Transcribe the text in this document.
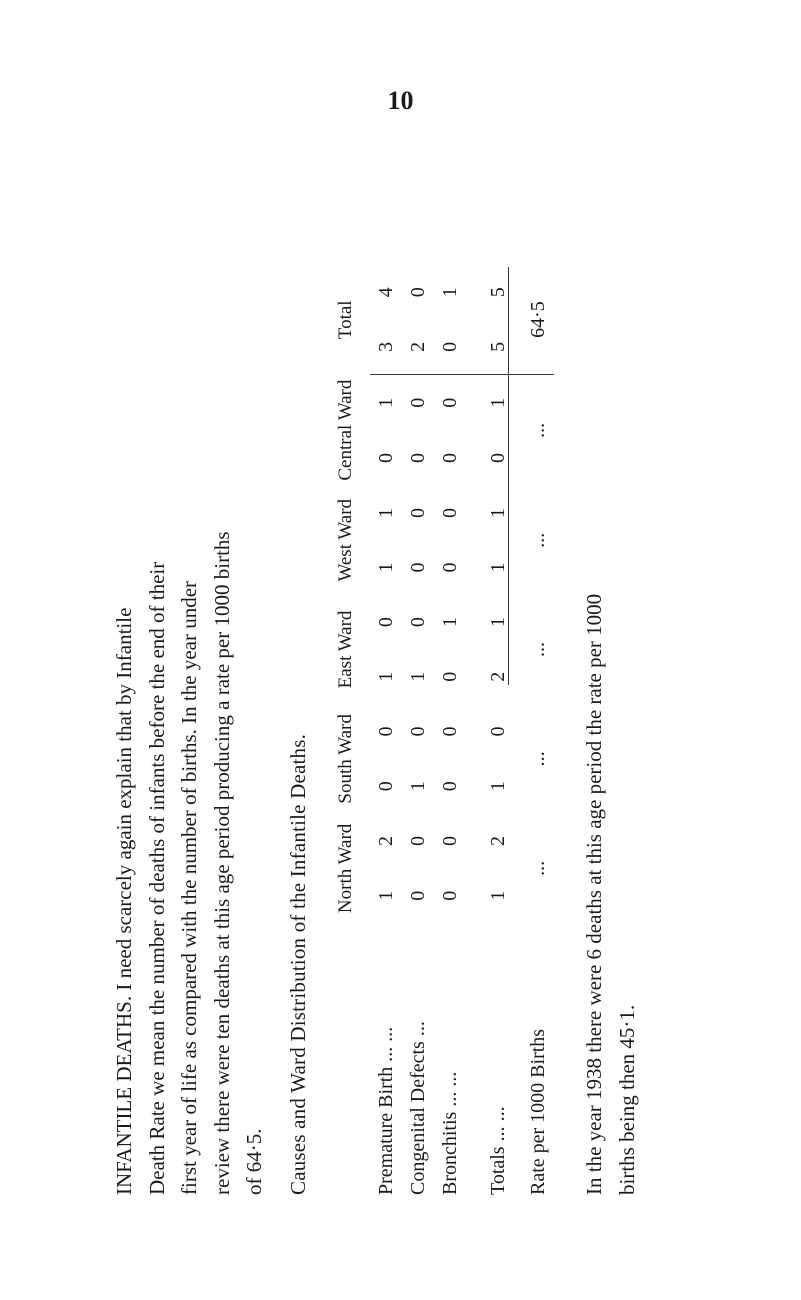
10

INFANTILE DEATHS. I need scarcely again explain that by Infantile Death Rate we mean the number of deaths of infants before the end of their first year of life as compared with the number of births. In the year under review there were ten deaths at this age period producing a rate per 1000 births of 64·5. Causes and Ward Distribution of the Infantile Deaths.
	North Ward		South Ward		East Ward		West Ward		Central Ward		Total	
Premature Birth ... ...	1	2	0	0	1	0	1	1	0	1	3	4
Congenital Defects ...	0	0	1	0	1	0	0	0	0	0	2	0
Bronchitis ... ...	0	0	0	0	0	1	0	0	0	0	0	1
Totals ... ...	1	2	1	0	2	1	1	1	0	1	5	5
Rate per 1000 Births	...		...		...		...		...		64·5	

In the year 1938 there were 6 deaths at this age period the rate per 1000 births being then 45·1.
